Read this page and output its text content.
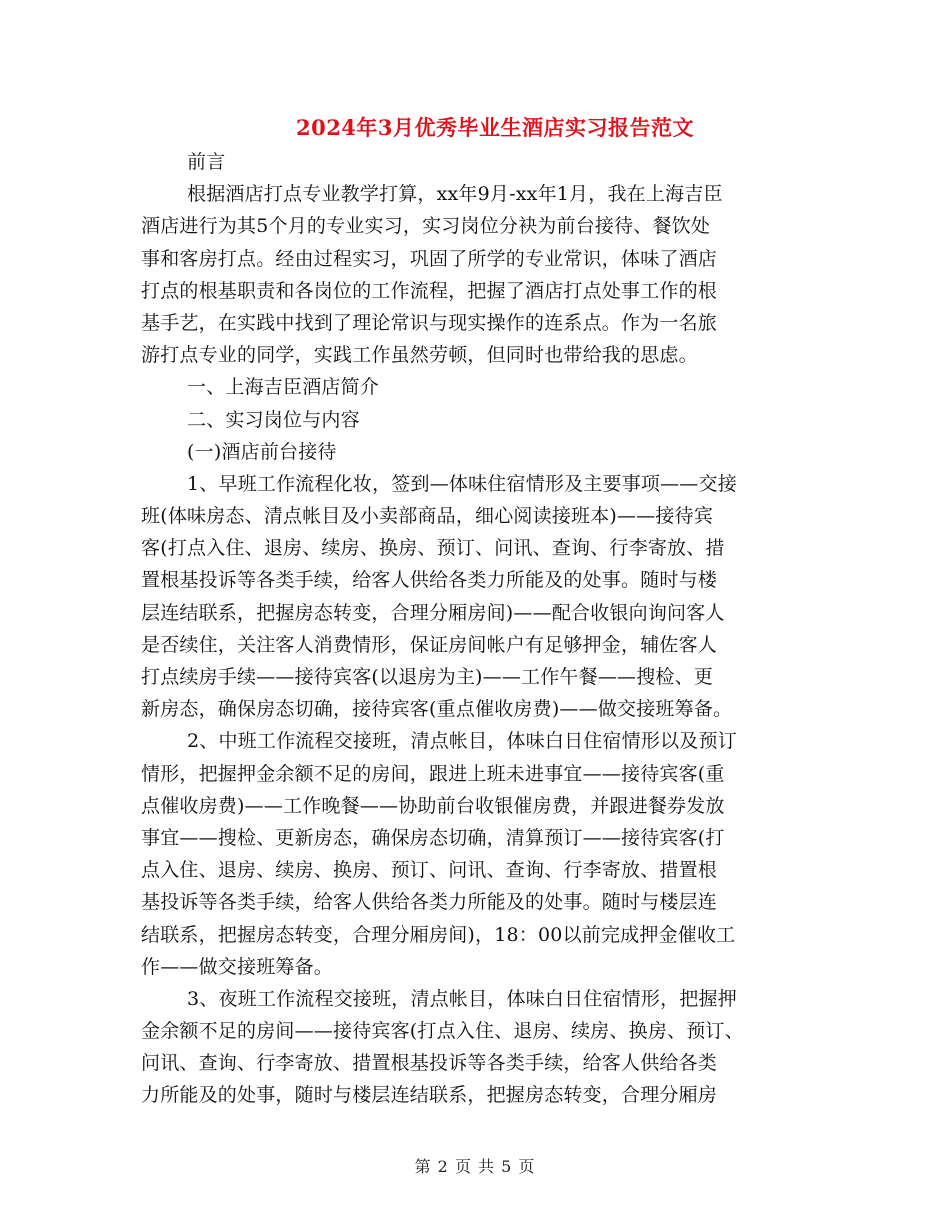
2024年3月优秀毕业生酒店实习报告范文
前言
根据酒店打点专业教学打算，xx年9月-xx年1月，我在上海吉臣
酒店进行为其5个月的专业实习，实习岗位分袂为前台接待、餐饮处
事和客房打点。经由过程实习，巩固了所学的专业常识，体味了酒店
打点的根基职责和各岗位的工作流程，把握了酒店打点处事工作的根
基手艺，在实践中找到了理论常识与现实操作的连系点。作为一名旅
游打点专业的同学，实践工作虽然劳顿，但同时也带给我的思虑。
一、上海吉臣酒店简介
二、实习岗位与内容
(一)酒店前台接待
1、早班工作流程化妆，签到—体味住宿情形及主要事项——交接
班(体味房态、清点帐目及小卖部商品，细心阅读接班本)——接待宾
客(打点入住、退房、续房、换房、预订、问讯、查询、行李寄放、措
置根基投诉等各类手续，给客人供给各类力所能及的处事。随时与楼
层连结联系，把握房态转变，合理分厢房间)——配合收银向询问客人
是否续住，关注客人消费情形，保证房间帐户有足够押金，辅佐客人
打点续房手续——接待宾客(以退房为主)——工作午餐——搜检、更
新房态，确保房态切确，接待宾客(重点催收房费)——做交接班筹备。
2、中班工作流程交接班，清点帐目，体味白日住宿情形以及预订
情形，把握押金余额不足的房间，跟进上班未进事宜——接待宾客(重
点催收房费)——工作晚餐——协助前台收银催房费，并跟进餐券发放
事宜——搜检、更新房态，确保房态切确，清算预订——接待宾客(打
点入住、退房、续房、换房、预订、问讯、查询、行李寄放、措置根
基投诉等各类手续，给客人供给各类力所能及的处事。随时与楼层连
结联系，把握房态转变，合理分厢房间)，18：00以前完成押金催收工
作——做交接班筹备。
3、夜班工作流程交接班，清点帐目，体味白日住宿情形，把握押
金余额不足的房间——接待宾客(打点入住、退房、续房、换房、预订、
问讯、查询、行李寄放、措置根基投诉等各类手续，给客人供给各类
力所能及的处事，随时与楼层连结联系，把握房态转变，合理分厢房
第 2 页 共 5 页
